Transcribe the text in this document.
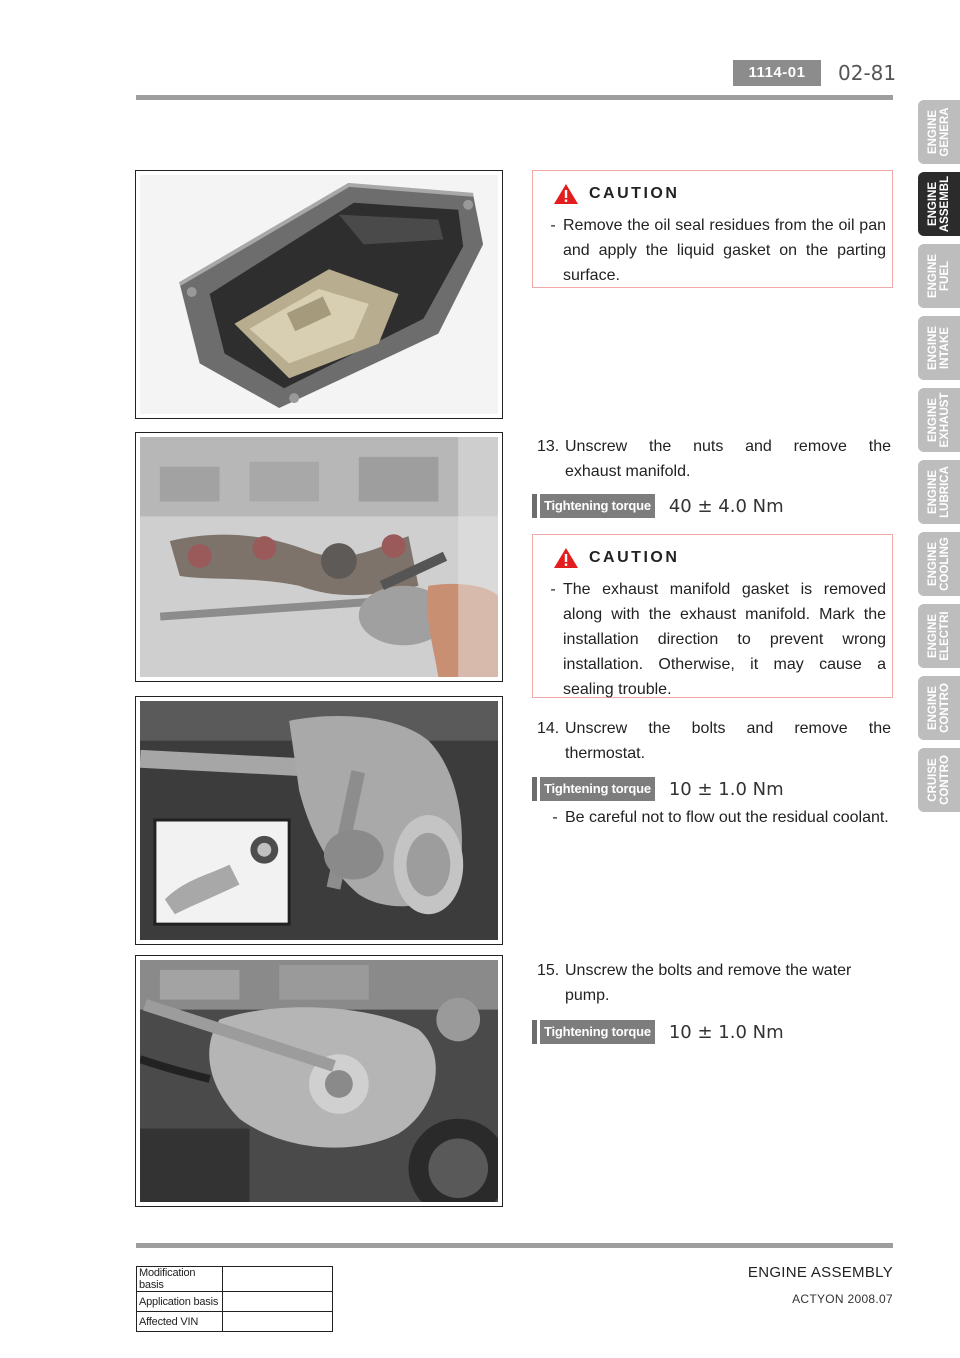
1114-01	02-81
ENGINE
GENERA
ENGINE
ASSEMBL
ENGINE
FUEL
ENGINE
INTAKE
ENGINE
EXHAUST
ENGINE
LUBRICA
ENGINE
COOLING
ENGINE
ELECTRI
ENGINE
CONTRO
CRUISE
CONTRO
CAUTION
- Remove the oil seal residues from the oil pan and apply the liquid gasket on the parting surface.
13. Unscrew the nuts and remove the
exhaust manifold.
Tightening torque 40 ± 4.0 Nm
CAUTION
- The exhaust manifold gasket is removed along with the exhaust manifold. Mark the installation direction to prevent wrong installation. Otherwise, it may cause a sealing trouble.
14. Unscrew the bolts and remove the
thermostat.
Tightening torque 10 ± 1.0 Nm
- Be careful not to flow out the residual coolant.
15. Unscrew the bolts and remove the water
pump.
Tightening torque 10 ± 1.0 Nm
ENGINE ASSEMBLY
ACTYON 2008.07
Modification basis	
Application basis	
Affected VIN	
